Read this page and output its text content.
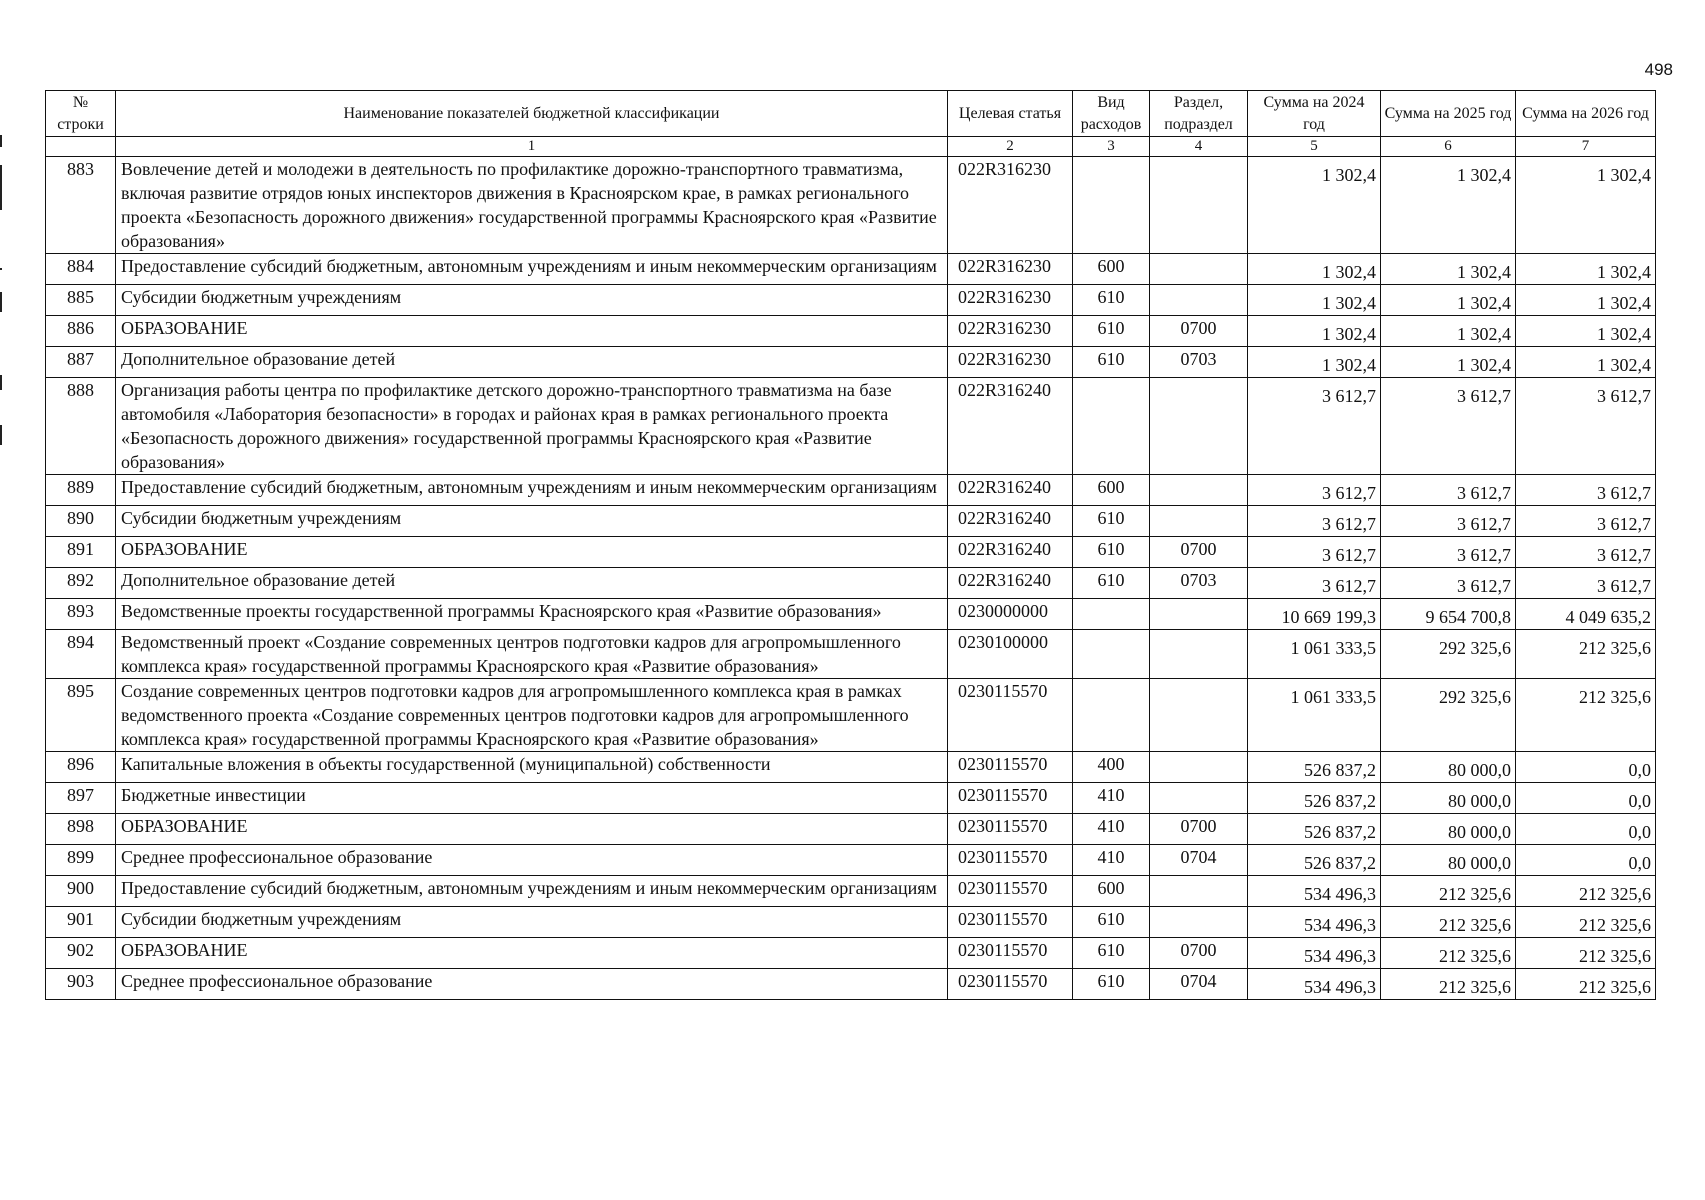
498
№ строки	Наименование показателей бюджетной классификации	Целевая статья	Вид расходов	Раздел, подраздел	Сумма на 2024 год	Сумма на 2025 год	Сумма на 2026 год
	1	2	3	4	5	6	7
883	Вовлечение детей и молодежи в деятельность по профилактике дорожно-транспортного травматизма, включая развитие отрядов юных инспекторов движения в Красноярском крае, в рамках регионального проекта «Безопасность дорожного движения» государственной программы Красноярского края «Развитие образования»	022R316230			1 302,4	1 302,4	1 302,4
884	Предоставление субсидий бюджетным, автономным учреждениям и иным некоммерческим организациям	022R316230	600		1 302,4	1 302,4	1 302,4
885	Субсидии бюджетным учреждениям	022R316230	610		1 302,4	1 302,4	1 302,4
886	ОБРАЗОВАНИЕ	022R316230	610	0700	1 302,4	1 302,4	1 302,4
887	Дополнительное образование детей	022R316230	610	0703	1 302,4	1 302,4	1 302,4
888	Организация работы центра по профилактике детского дорожно-транспортного травматизма на базе автомобиля «Лаборатория безопасности» в городах и районах края в рамках регионального проекта «Безопасность дорожного движения» государственной программы Красноярского края «Развитие образования»	022R316240			3 612,7	3 612,7	3 612,7
889	Предоставление субсидий бюджетным, автономным учреждениям и иным некоммерческим организациям	022R316240	600		3 612,7	3 612,7	3 612,7
890	Субсидии бюджетным учреждениям	022R316240	610		3 612,7	3 612,7	3 612,7
891	ОБРАЗОВАНИЕ	022R316240	610	0700	3 612,7	3 612,7	3 612,7
892	Дополнительное образование детей	022R316240	610	0703	3 612,7	3 612,7	3 612,7
893	Ведомственные проекты государственной программы Красноярского края «Развитие образования»	0230000000			10 669 199,3	9 654 700,8	4 049 635,2
894	Ведомственный проект «Создание современных центров подготовки кадров для агропромышленного комплекса края» государственной программы Красноярского края «Развитие образования»	0230100000			1 061 333,5	292 325,6	212 325,6
895	Создание современных центров подготовки кадров для агропромышленного комплекса края в рамках ведомственного проекта «Создание современных центров подготовки кадров для агропромышленного комплекса края» государственной программы Красноярского края «Развитие образования»	0230115570			1 061 333,5	292 325,6	212 325,6
896	Капитальные вложения в объекты государственной (муниципальной) собственности	0230115570	400		526 837,2	80 000,0	0,0
897	Бюджетные инвестиции	0230115570	410		526 837,2	80 000,0	0,0
898	ОБРАЗОВАНИЕ	0230115570	410	0700	526 837,2	80 000,0	0,0
899	Среднее профессиональное образование	0230115570	410	0704	526 837,2	80 000,0	0,0
900	Предоставление субсидий бюджетным, автономным учреждениям и иным некоммерческим организациям	0230115570	600		534 496,3	212 325,6	212 325,6
901	Субсидии бюджетным учреждениям	0230115570	610		534 496,3	212 325,6	212 325,6
902	ОБРАЗОВАНИЕ	0230115570	610	0700	534 496,3	212 325,6	212 325,6
903	Среднее профессиональное образование	0230115570	610	0704	534 496,3	212 325,6	212 325,6
